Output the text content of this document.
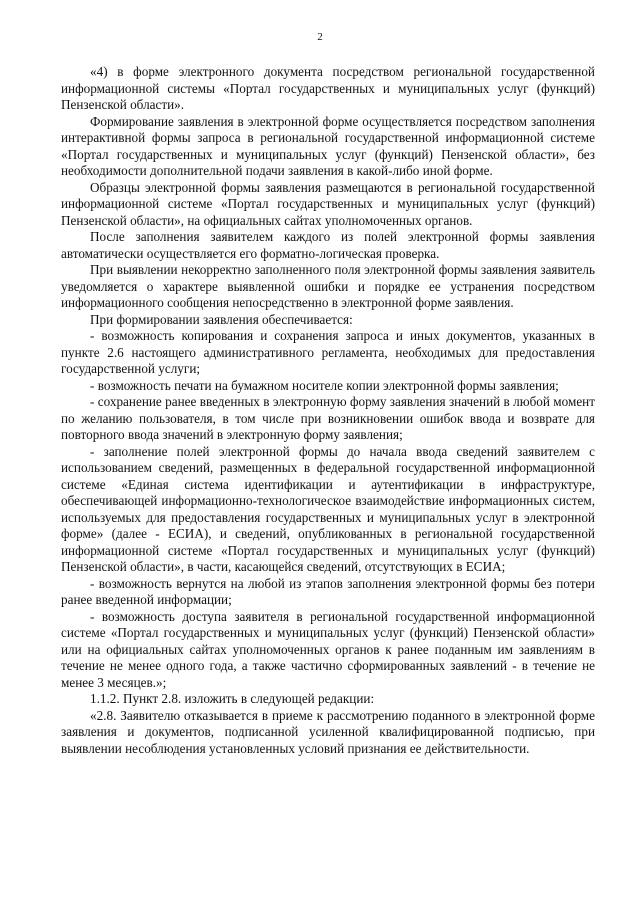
2

«4) в форме электронного документа посредством региональной государственной информационной системы «Портал государственных и муниципальных услуг (функций) Пензенской области».

Формирование заявления в электронной форме осуществляется посредством заполнения интерактивной формы запроса в региональной государственной информационной системе «Портал государственных и муниципальных услуг (функций) Пензенской области», без необходимости дополнительной подачи заявления в какой-либо иной форме.

Образцы электронной формы заявления размещаются в региональной государственной информационной системе «Портал государственных и муниципальных услуг (функций) Пензенской области», на официальных сайтах уполномоченных органов.

После заполнения заявителем каждого из полей электронной формы заявления автоматически осуществляется его форматно-логическая проверка.

При выявлении некорректно заполненного поля электронной формы заявления заявитель уведомляется о характере выявленной ошибки и порядке ее устранения посредством информационного сообщения непосредственно в электронной форме заявления.

При формировании заявления обеспечивается:

- возможность копирования и сохранения запроса и иных документов, указанных в пункте 2.6 настоящего административного регламента, необходимых для предоставления государственной услуги;

- возможность печати на бумажном носителе копии электронной формы заявления;

- сохранение ранее введенных в электронную форму заявления значений в любой момент по желанию пользователя, в том числе при возникновении ошибок ввода и возврате для повторного ввода значений в электронную форму заявления;

- заполнение полей электронной формы до начала ввода сведений заявителем с использованием сведений, размещенных в федеральной государственной информационной системе «Единая система идентификации и аутентификации в инфраструктуре, обеспечивающей информационно-технологическое взаимодействие информационных систем, используемых для предоставления государственных и муниципальных услуг в электронной форме» (далее - ЕСИА), и сведений, опубликованных в региональной государственной информационной системе «Портал государственных и муниципальных услуг (функций) Пензенской области», в части, касающейся сведений, отсутствующих в ЕСИА;

- возможность вернутся на любой из этапов заполнения электронной формы без потери ранее введенной информации;

- возможность доступа заявителя в региональной государственной информационной системе «Портал государственных и муниципальных услуг (функций) Пензенской области» или на официальных сайтах уполномоченных органов к ранее поданным им заявлениям в течение не менее одного года, а также частично сформированных заявлений - в течение не менее 3 месяцев.»;

1.1.2. Пункт 2.8. изложить в следующей редакции:

«2.8. Заявителю отказывается в приеме к рассмотрению поданного в электронной форме заявления и документов, подписанной усиленной квалифицированной подписью, при выявлении несоблюдения установленных условий признания ее действительности.
